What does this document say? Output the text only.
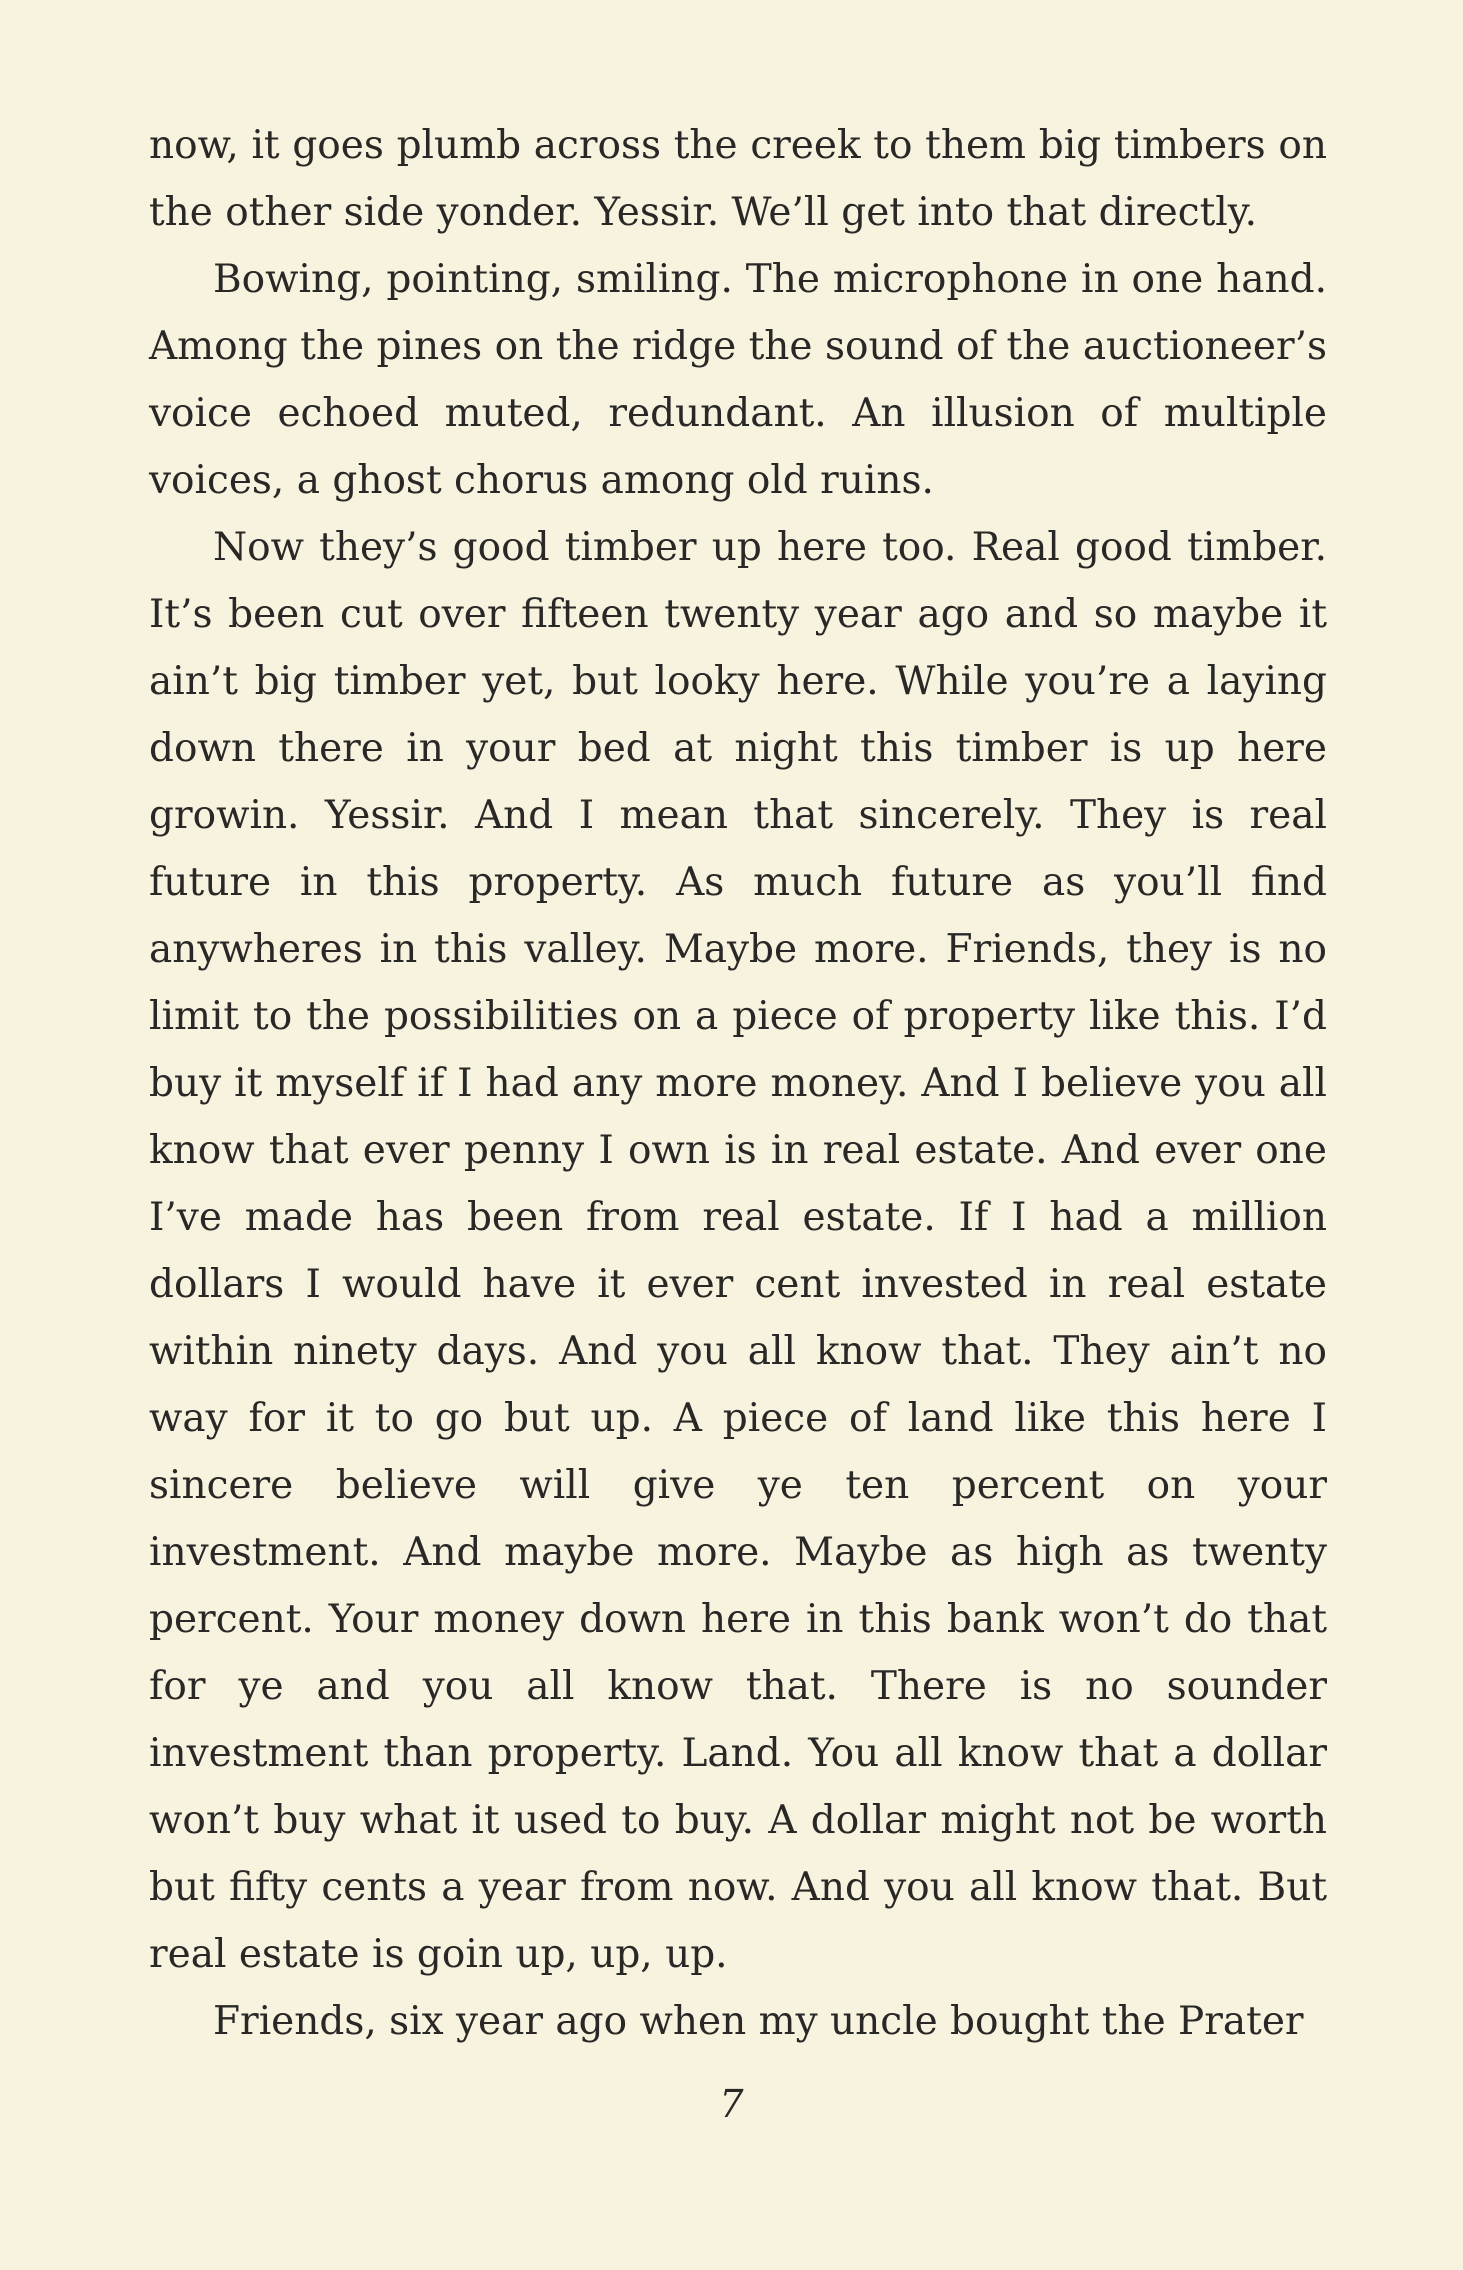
now, it goes plumb across the creek to them big timbers on the other side yonder. Yessir. We’ll get into that directly.

Bowing, pointing, smiling. The microphone in one hand. Among the pines on the ridge the sound of the auctioneer’s voice echoed muted, redundant. An illusion of multiple voices, a ghost chorus among old ruins.

Now they’s good timber up here too. Real good timber. It’s been cut over fifteen twenty year ago and so maybe it ain’t big timber yet, but looky here. While you’re a laying down there in your bed at night this timber is up here growin. Yessir. And I mean that sincerely. They is real future in this property. As much future as you’ll find anywheres in this valley. Maybe more. Friends, they is no limit to the possibilities on a piece of property like this. I’d buy it myself if I had any more money. And I believe you all know that ever penny I own is in real estate. And ever one I’ve made has been from real estate. If I had a million dollars I would have it ever cent invested in real estate within ninety days. And you all know that. They ain’t no way for it to go but up. A piece of land like this here I sincere believe will give ye ten percent on your investment. And maybe more. Maybe as high as twenty percent. Your money down here in this bank won’t do that for ye and you all know that. There is no sounder investment than property. Land. You all know that a dollar won’t buy what it used to buy. A dollar might not be worth but fifty cents a year from now. And you all know that. But real estate is goin up, up, up.

Friends, six year ago when my uncle bought the Prater

7
